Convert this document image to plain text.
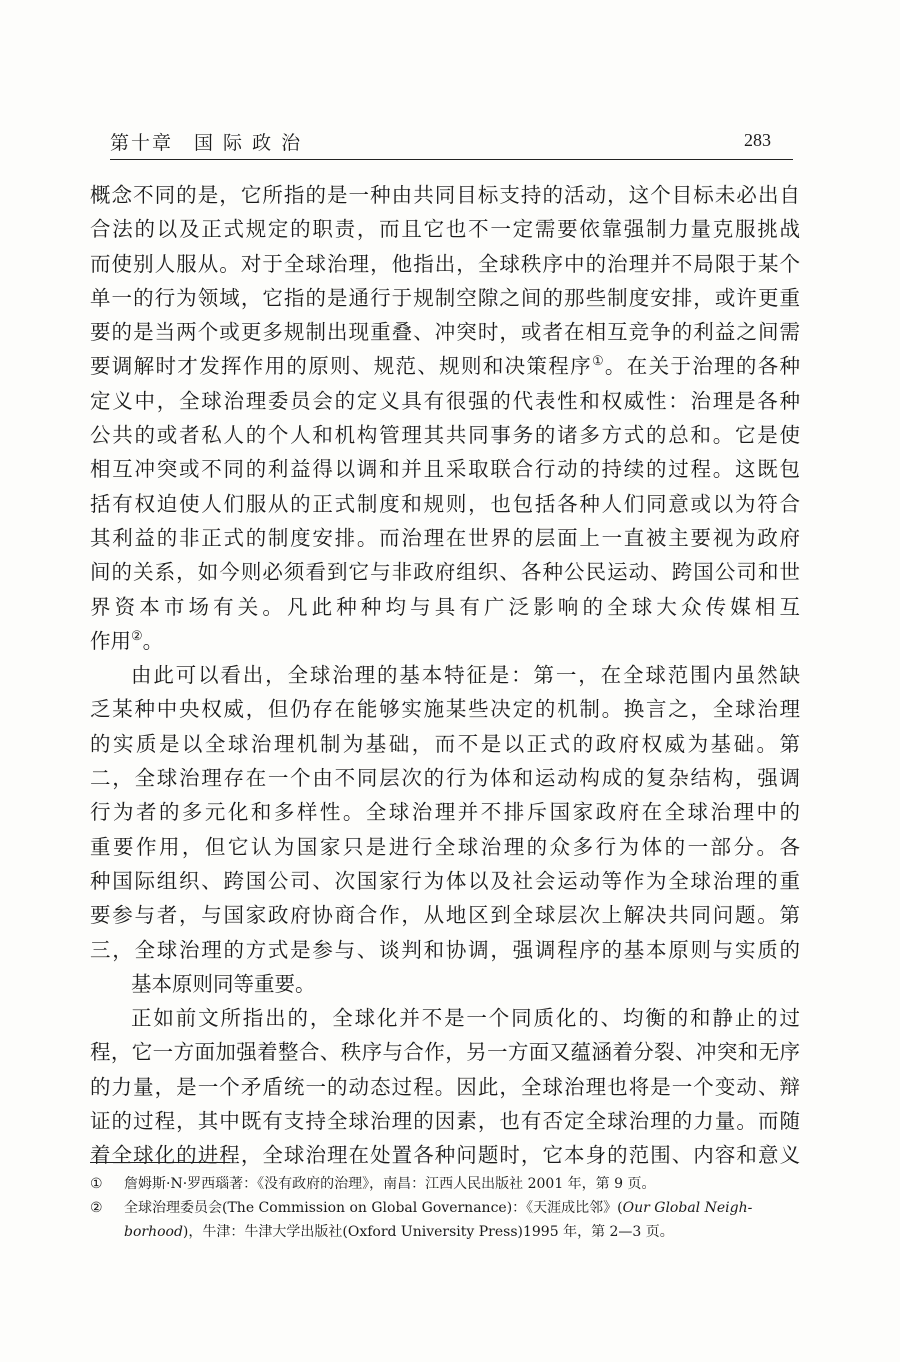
第十章　国 际 政 治	283

概念不同的是，它所指的是一种由共同目标支持的活动，这个目标未必出自
合法的以及正式规定的职责，而且它也不一定需要依靠强制力量克服挑战
而使别人服从。对于全球治理，他指出，全球秩序中的治理并不局限于某个
单一的行为领域，它指的是通行于规制空隙之间的那些制度安排，或许更重
要的是当两个或更多规制出现重叠、冲突时，或者在相互竞争的利益之间需
要调解时才发挥作用的原则、规范、规则和决策程序①。在关于治理的各种
定义中，全球治理委员会的定义具有很强的代表性和权威性：治理是各种
公共的或者私人的个人和机构管理其共同事务的诸多方式的总和。它是使
相互冲突或不同的利益得以调和并且采取联合行动的持续的过程。这既包
括有权迫使人们服从的正式制度和规则，也包括各种人们同意或以为符合
其利益的非正式的制度安排。而治理在世界的层面上一直被主要视为政府
间的关系，如今则必须看到它与非政府组织、各种公民运动、跨国公司和世
界资本市场有关。凡此种种均与具有广泛影响的全球大众传媒相互
作用②。

由此可以看出，全球治理的基本特征是：第一，在全球范围内虽然缺
乏某种中央权威，但仍存在能够实施某些决定的机制。换言之，全球治理
的实质是以全球治理机制为基础，而不是以正式的政府权威为基础。第
二，全球治理存在一个由不同层次的行为体和运动构成的复杂结构，强调
行为者的多元化和多样性。全球治理并不排斥国家政府在全球治理中的
重要作用，但它认为国家只是进行全球治理的众多行为体的一部分。各
种国际组织、跨国公司、次国家行为体以及社会运动等作为全球治理的重
要参与者，与国家政府协商合作，从地区到全球层次上解决共同问题。第
三，全球治理的方式是参与、谈判和协调，强调程序的基本原则与实质的
基本原则同等重要。

正如前文所指出的，全球化并不是一个同质化的、均衡的和静止的过
程，它一方面加强着整合、秩序与合作，另一方面又蕴涵着分裂、冲突和无序
的力量，是一个矛盾统一的动态过程。因此，全球治理也将是一个变动、辩
证的过程，其中既有支持全球治理的因素，也有否定全球治理的力量。而随
着全球化的进程，全球治理在处置各种问题时，它本身的范围、内容和意义

① 詹姆斯·N·罗西瑙著：《没有政府的治理》，南昌：江西人民出版社 2001 年，第 9 页。

② 全球治理委员会(The Commission on Global Governance)：《天涯成比邻》(Our Global Neigh-
borhood)，牛津：牛津大学出版社(Oxford University Press)1995 年，第 2—3 页。
